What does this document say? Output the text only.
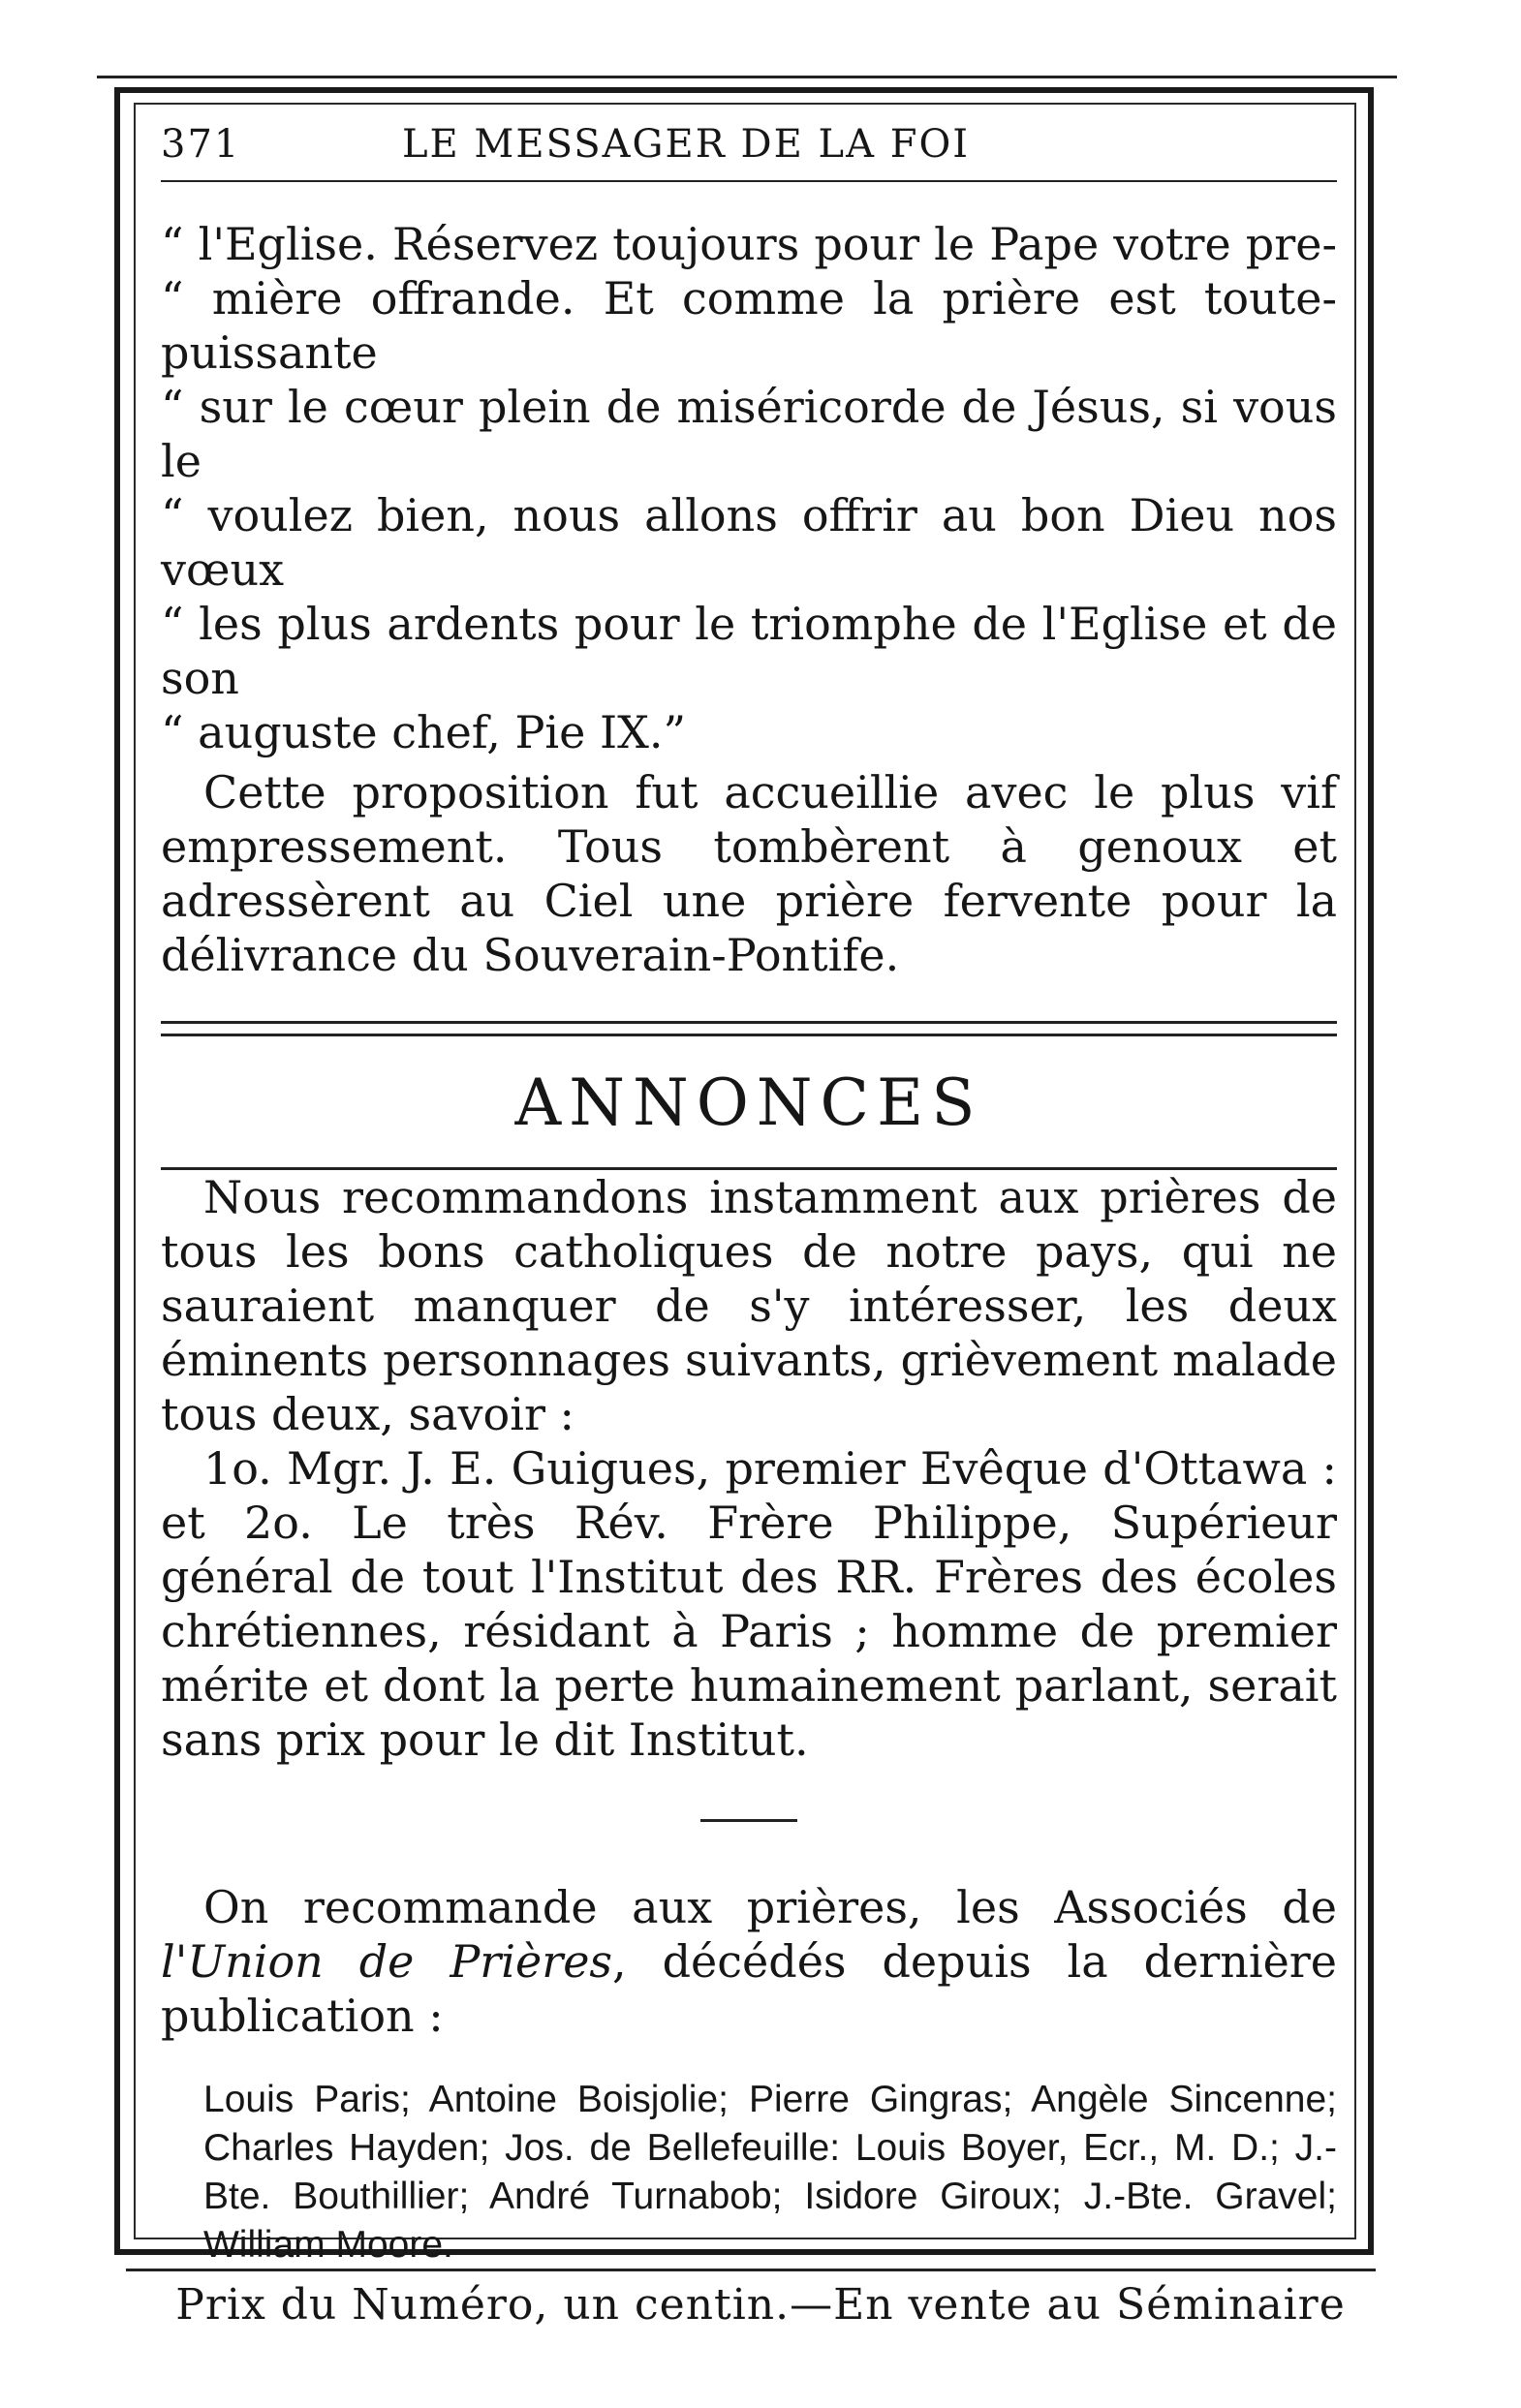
371	LE MESSAGER DE LA FOI
“ l'Eglise. Réservez toujours pour le Pape votre pre-
“ mière offrande. Et comme la prière est toute-puissante
“ sur le cœur plein de miséricorde de Jésus, si vous le
“ voulez bien, nous allons offrir au bon Dieu nos vœux
“ les plus ardents pour le triomphe de l'Eglise et de son
“ auguste chef, Pie IX.”

Cette proposition fut accueillie avec le plus vif empressement. Tous tombèrent à genoux et adressèrent au Ciel une prière fervente pour la délivrance du Souverain-Pontife.

ANNONCES

Nous recommandons instamment aux prières de tous les bons catholiques de notre pays, qui ne sauraient manquer de s'y intéresser, les deux éminents personnages suivants, grièvement malade tous deux, savoir :

1o. Mgr. J. E. Guigues, premier Evêque d'Ottawa : et 2o. Le très Rév. Frère Philippe, Supérieur général de tout l'Institut des RR. Frères des écoles chrétiennes, résidant à Paris ; homme de premier mérite et dont la perte humainement parlant, serait sans prix pour le dit Institut.

On recommande aux prières, les Associés de l'Union de Prières, décédés depuis la dernière publication :

Louis Paris; Antoine Boisjolie; Pierre Gingras; Angèle Sincenne; Charles Hayden; Jos. de Bellefeuille: Louis Boyer, Ecr., M. D.; J.-Bte. Bouthillier; André Turnabob; Isidore Giroux; J.-Bte. Gravel; William Moore.

Prix du Numéro, un centin.—En vente au Séminaire
